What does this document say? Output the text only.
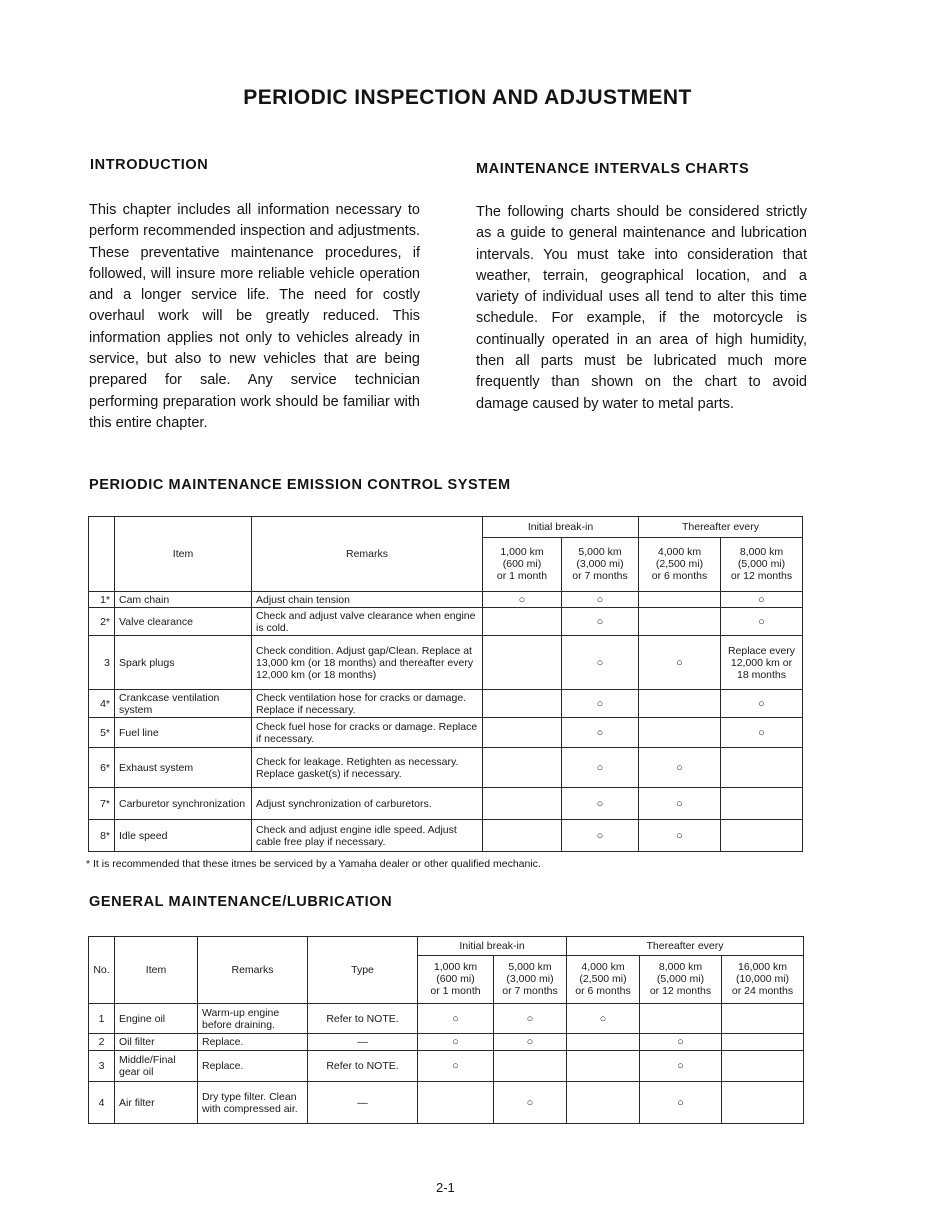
PERIODIC INSPECTION AND ADJUSTMENT
INTRODUCTION

This chapter includes all information necessary to perform recommended inspection and adjustments. These preventative maintenance procedures, if followed, will insure more reliable vehicle operation and a longer service life. The need for costly overhaul work will be greatly reduced. This information applies not only to vehicles already in service, but also to new vehicles that are being prepared for sale. Any service technician performing preparation work should be familiar with this entire chapter.

MAINTENANCE INTERVALS CHARTS

The following charts should be considered strictly as a guide to general maintenance and lubrication intervals. You must take into consideration that weather, terrain, geographical location, and a variety of individual uses all tend to alter this time schedule. For example, if the motorcycle is continually operated in an area of high humidity, then all parts must be lubricated much more frequently than shown on the chart to avoid damage caused by water to metal parts.

PERIODIC MAINTENANCE EMISSION CONTROL SYSTEM
	Item	Remarks	Initial break-in		Thereafter every	
			1,000 km
(600 mi)
or 1 month	5,000 km
(3,000 mi)
or 7 months	4,000 km
(2,500 mi)
or 6 months	8,000 km
(5,000 mi)
or 12 months
1*	Cam chain	Adjust chain tension	○	○		○
2*	Valve clearance	Check and adjust valve clearance when engine is cold.		○		○
3	Spark plugs	Check condition. Adjust gap/Clean. Replace at 13,000 km (or 18 months) and thereafter every 12,000 km (or 18 months)		○	○	Replace every 12,000 km or 18 months
4*	Crankcase ventilation system	Check ventilation hose for cracks or damage. Replace if necessary.		○		○
5*	Fuel line	Check fuel hose for cracks or damage. Replace if necessary.		○		○
6*	Exhaust system	Check for leakage. Retighten as necessary. Replace gasket(s) if necessary.		○	○	
7*	Carburetor synchronization	Adjust synchronization of carburetors.		○	○	
8*	Idle speed	Check and adjust engine idle speed. Adjust cable free play if necessary.		○	○	
* It is recommended that these itmes be serviced by a Yamaha dealer or other qualified mechanic.
GENERAL MAINTENANCE/LUBRICATION
No.	Item	Remarks	Type	Initial break-in		Thereafter every		
				1,000 km
(600 mi)
or 1 month	5,000 km
(3,000 mi)
or 7 months	4,000 km
(2,500 mi)
or 6 months	8,000 km
(5,000 mi)
or 12 months	16,000 km
(10,000 mi)
or 24 months
1	Engine oil	Warm-up engine before draining.	Refer to NOTE.	○	○	○		
2	Oil filter	Replace.	—	○	○		○	
3	Middle/Final gear oil	Replace.	Refer to NOTE.	○			○	
4	Air filter	Dry type filter. Clean with compressed air.	—		○		○	
2-1
